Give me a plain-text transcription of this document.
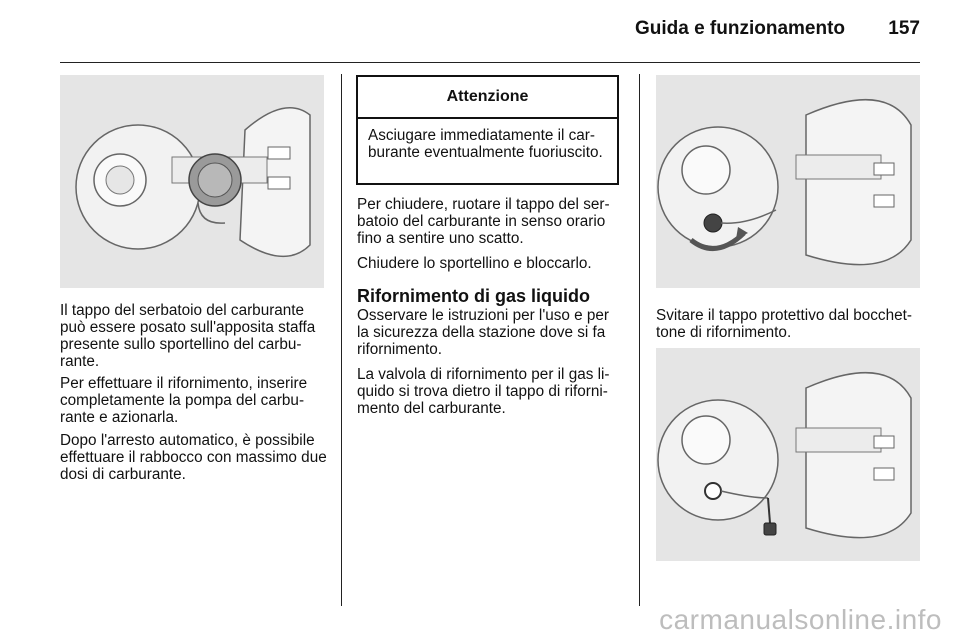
Guida e funzionamento 157

Il tappo del serbatoio del carburante può essere posato sull'apposita staffa presente sullo sportellino del carburante.

Per effettuare il rifornimento, inserire completamente la pompa del carburante e azionarla.

Dopo l'arresto automatico, è possibile effettuare il rabbocco con massimo due dosi di carburante.

Attenzione
Asciugare immediatamente il carburante eventualmente fuoriuscito.

Per chiudere, ruotare il tappo del serbatoio del carburante in senso orario fino a sentire uno scatto.

Chiudere lo sportellino e bloccarlo.

Rifornimento di gas liquido

Osservare le istruzioni per l'uso e per la sicurezza della stazione dove si fa rifornimento.

La valvola di rifornimento per il gas liquido si trova dietro il tappo di rifornimento del carburante.

Svitare il tappo protettivo dal bocchettone di rifornimento.

carmanualsonline.info
